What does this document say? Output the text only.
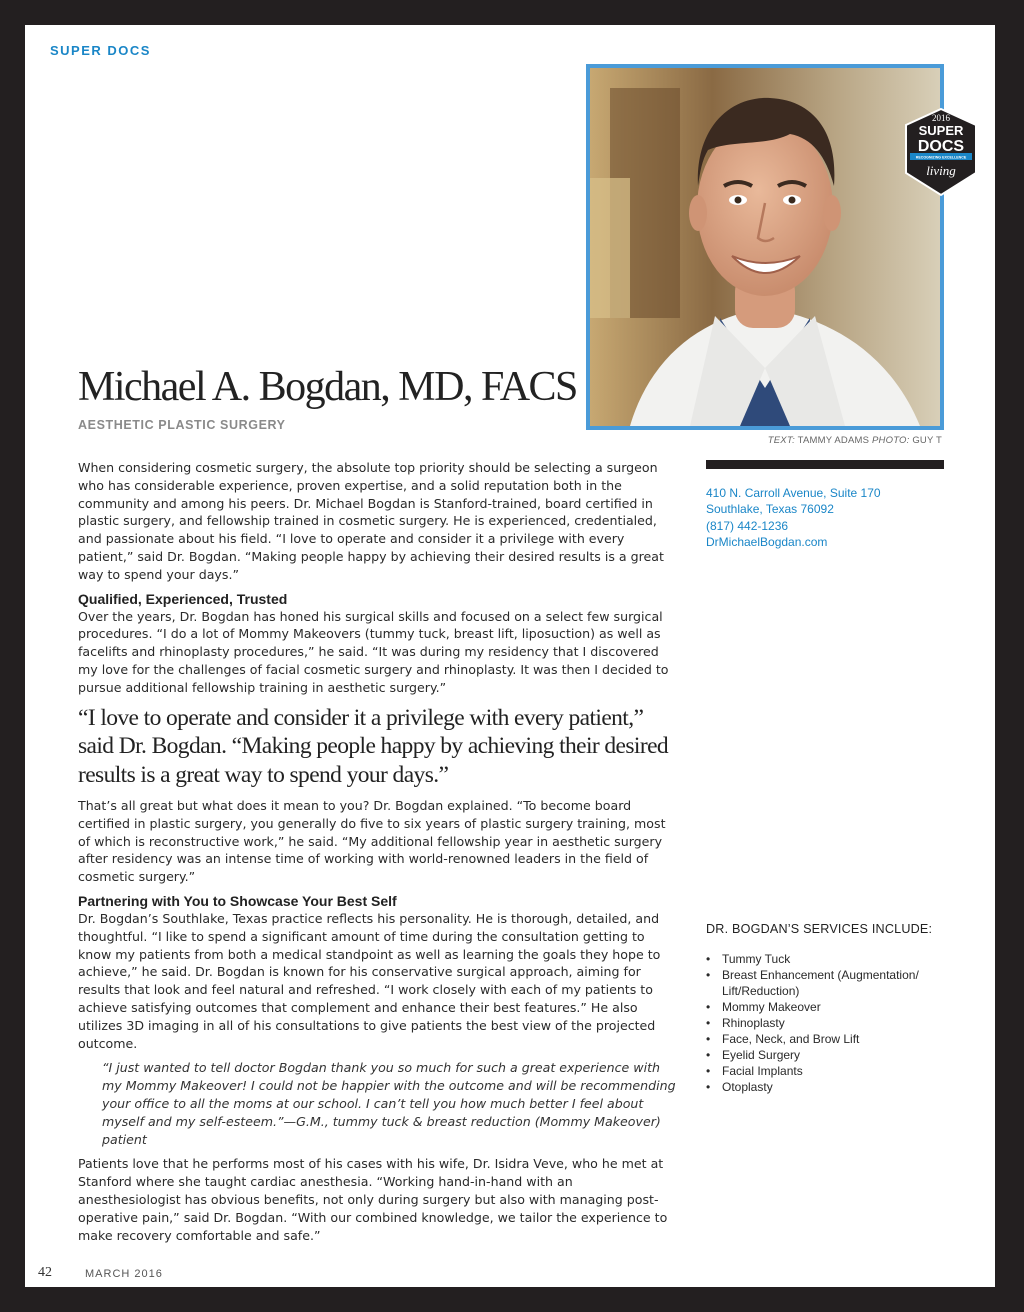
SUPER DOCS
2016
SUPER
DOCS
RECOGNIZING EXCELLENCE
living
TEXT: TAMMY ADAMS PHOTO: GUY T
Michael A. Bogdan, MD, FACS
AESTHETIC PLASTIC SURGERY
410 N. Carroll Avenue, Suite 170
Southlake, Texas 76092
(817) 442-1236
DrMichaelBogdan.com

When considering cosmetic surgery, the absolute top priority should be selecting a surgeon who has considerable experience, proven expertise, and a solid reputation both in the community and among his peers. Dr. Michael Bogdan is Stanford-trained, board certified in plastic surgery, and fellowship trained in cosmetic surgery. He is experienced, credentialed, and passionate about his field. “I love to operate and consider it a privilege with every patient,” said Dr. Bogdan. “Making people happy by achieving their desired results is a great way to spend your days.”

Qualified, Experienced, Trusted

Over the years, Dr. Bogdan has honed his surgical skills and focused on a select few surgical procedures. “I do a lot of Mommy Makeovers (tummy tuck, breast lift, liposuction) as well as facelifts and rhinoplasty procedures,” he said. “It was during my residency that I discovered my love for the challenges of facial cosmetic surgery and rhinoplasty. It was then I decided to pursue additional fellowship training in aesthetic surgery.”

“I love to operate and consider it a privilege with every patient,” said Dr. Bogdan. “Making people happy by achieving their desired results is a great way to spend your days.”

That’s all great but what does it mean to you? Dr. Bogdan explained. “To become board certified in plastic surgery, you generally do five to six years of plastic surgery training, most of which is reconstructive work,” he said. “My additional fellowship year in aesthetic surgery after residency was an intense time of working with world-renowned leaders in the field of cosmetic surgery.”

Partnering with You to Showcase Your Best Self

Dr. Bogdan’s Southlake, Texas practice reflects his personality. He is thorough, detailed, and thoughtful. “I like to spend a significant amount of time during the consultation getting to know my patients from both a medical standpoint as well as learning the goals they hope to achieve,” he said. Dr. Bogdan is known for his conservative surgical approach, aiming for results that look and feel natural and refreshed. “I work closely with each of my patients to achieve satisfying outcomes that complement and enhance their best features.” He also utilizes 3D imaging in all of his consultations to give patients the best view of the projected outcome.

“I just wanted to tell doctor Bogdan thank you so much for such a great experience with my Mommy Makeover! I could not be happier with the outcome and will be recommending your office to all the moms at our school. I can’t tell you how much better I feel about myself and my self-esteem.”—G.M., tummy tuck & breast reduction (Mommy Makeover) patient

Patients love that he performs most of his cases with his wife, Dr. Isidra Veve, who he met at Stanford where she taught cardiac anesthesia. “Working hand-in-hand with an anesthesiologist has obvious benefits, not only during surgery but also with managing post-operative pain,” said Dr. Bogdan. “With our combined knowledge, we tailor the experience to make recovery comfortable and safe.”

DR. BOGDAN’S SERVICES INCLUDE:
• Tummy Tuck
• Breast Enhancement (Augmentation/ Lift/Reduction)
• Mommy Makeover
• Rhinoplasty
• Face, Neck, and Brow Lift
• Eyelid Surgery
• Facial Implants
• Otoplasty
42	MARCH 2016
